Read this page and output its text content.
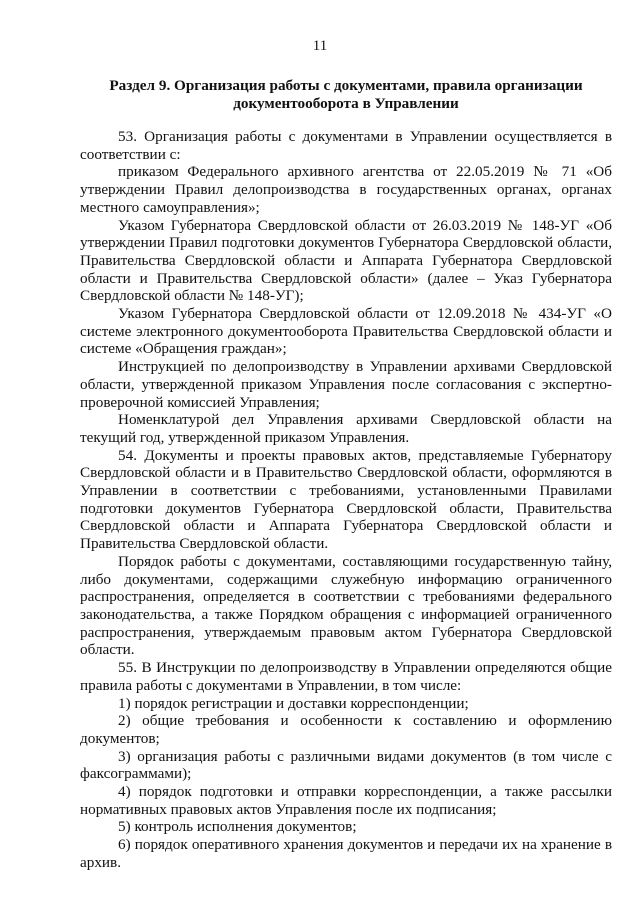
11
Раздел 9. Организация работы с документами, правила организации
документооборота в Управлении

53. Организация работы с документами в Управлении осуществляется в соответствии с:

приказом Федерального архивного агентства от 22.05.2019 № 71 «Об утверждении Правил делопроизводства в государственных органах, органах местного самоуправления»;

Указом Губернатора Свердловской области от 26.03.2019 № 148-УГ «Об утверждении Правил подготовки документов Губернатора Свердловской области, Правительства Свердловской области и Аппарата Губернатора Свердловской области и Правительства Свердловской области» (далее – Указ Губернатора Свердловской области № 148-УГ);

Указом Губернатора Свердловской области от 12.09.2018 № 434-УГ «О системе электронного документооборота Правительства Свердловской области и системе «Обращения граждан»;

Инструкцией по делопроизводству в Управлении архивами Свердловской области, утвержденной приказом Управления после согласования с экспертно-проверочной комиссией Управления;

Номенклатурой дел Управления архивами Свердловской области на текущий год, утвержденной приказом Управления.

54. Документы и проекты правовых актов, представляемые Губернатору Свердловской области и в Правительство Свердловской области, оформляются в Управлении в соответствии с требованиями, установленными Правилами подготовки документов Губернатора Свердловской области, Правительства Свердловской области и Аппарата Губернатора Свердловской области и Правительства Свердловской области.

Порядок работы с документами, составляющими государственную тайну, либо документами, содержащими служебную информацию ограниченного распространения, определяется в соответствии с требованиями федерального законодательства, а также Порядком обращения с информацией ограниченного распространения, утверждаемым правовым актом Губернатора Свердловской области.

55. В Инструкции по делопроизводству в Управлении определяются общие правила работы с документами в Управлении, в том числе:

1) порядок регистрации и доставки корреспонденции;

2) общие требования и особенности к составлению и оформлению документов;

3) организация работы с различными видами документов (в том числе с факсограммами);

4) порядок подготовки и отправки корреспонденции, а также рассылки нормативных правовых актов Управления после их подписания;

5) контроль исполнения документов;

6) порядок оперативного хранения документов и передачи их на хранение в архив.
